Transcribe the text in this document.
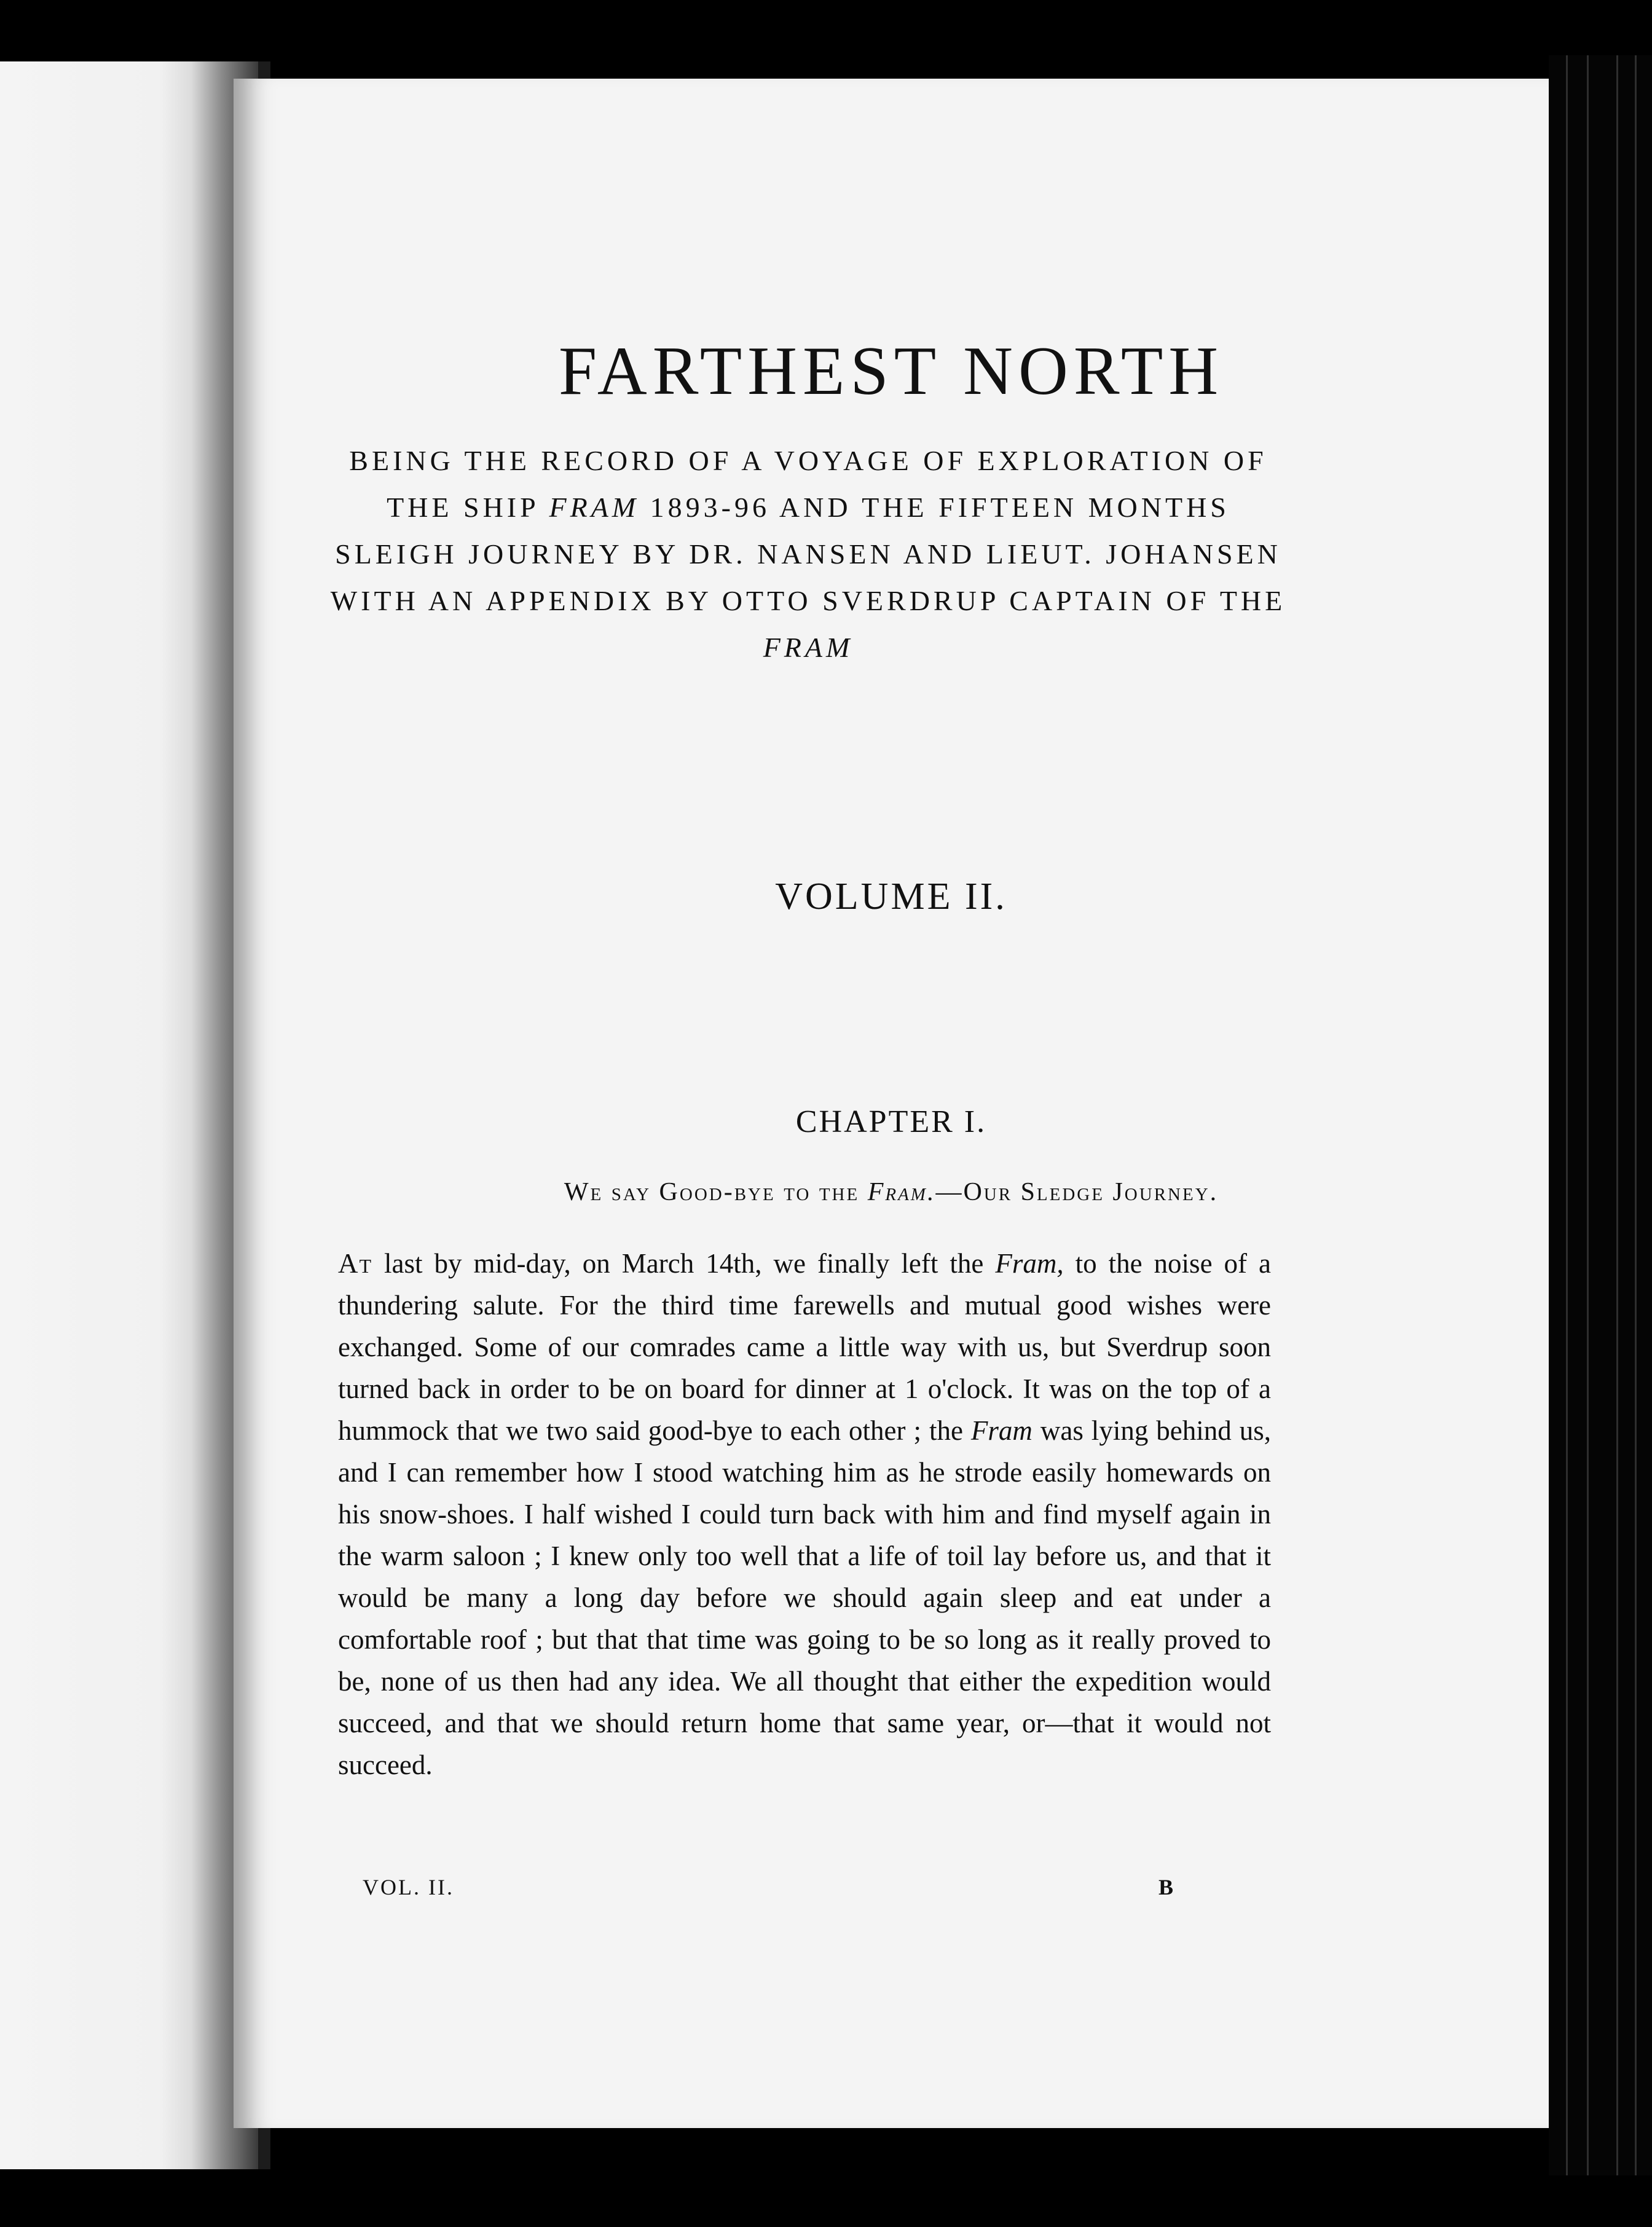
FARTHEST NORTH
BEING THE RECORD OF A VOYAGE OF EXPLORATION OF THE SHIP FRAM 1893-96 AND THE FIFTEEN MONTHS SLEIGH JOURNEY BY DR. NANSEN AND LIEUT. JOHANSEN WITH AN APPENDIX BY OTTO SVERDRUP CAPTAIN OF THE FRAM
VOLUME II.
CHAPTER I.
We say Good-bye to the Fram.—Our Sledge Journey.
At last by mid-day, on March 14th, we finally left the Fram, to the noise of a thundering salute. For the third time farewells and mutual good wishes were exchanged. Some of our comrades came a little way with us, but Sverdrup soon turned back in order to be on board for dinner at 1 o'clock. It was on the top of a hummock that we two said good-bye to each other ; the Fram was lying behind us, and I can remember how I stood watching him as he strode easily homewards on his snow-shoes. I half wished I could turn back with him and find myself again in the warm saloon ; I knew only too well that a life of toil lay before us, and that it would be many a long day before we should again sleep and eat under a comfortable roof ; but that that time was going to be so long as it really proved to be, none of us then had any idea. We all thought that either the expedition would succeed, and that we should return home that same year, or—that it would not succeed.
VOL. II.	B
